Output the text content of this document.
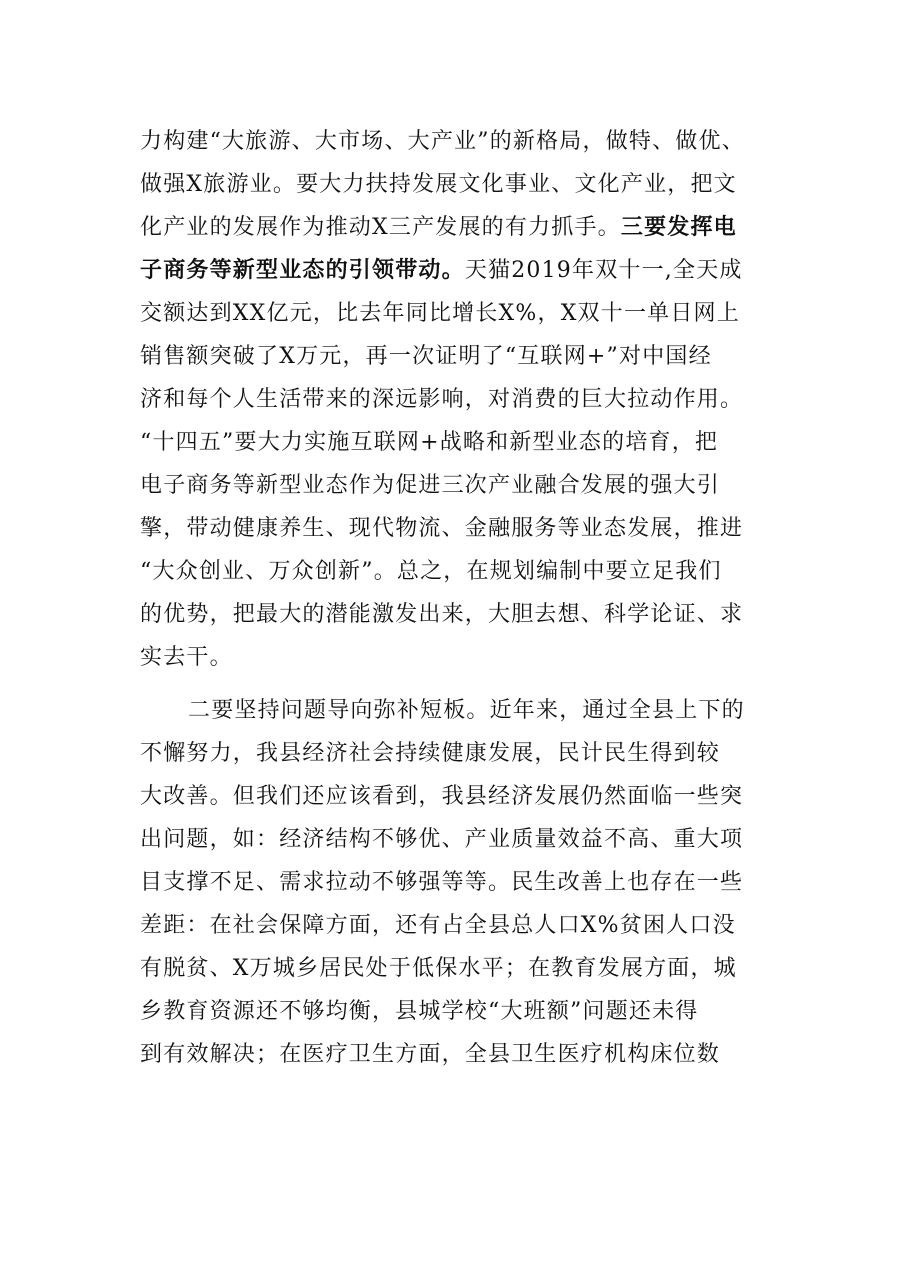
力构建“大旅游、大市场、大产业”的新格局，做特、做优、
做强X旅游业。要大力扶持发展文化事业、文化产业，把文
化产业的发展作为推动X三产发展的有力抓手。三要发挥电
子商务等新型业态的引领带动。天猫2019年双十一,全天成
交额达到XX亿元，比去年同比增长X%，X双十一单日网上
销售额突破了X万元，再一次证明了“互联网+”对中国经
济和每个人生活带来的深远影响，对消费的巨大拉动作用。
“十四五”要大力实施互联网+战略和新型业态的培育，把
电子商务等新型业态作为促进三次产业融合发展的强大引
擎，带动健康养生、现代物流、金融服务等业态发展，推进
“大众创业、万众创新”。总之，在规划编制中要立足我们
的优势，把最大的潜能激发出来，大胆去想、科学论证、求
实去干。
二要坚持问题导向弥补短板。近年来，通过全县上下的
不懈努力，我县经济社会持续健康发展，民计民生得到较
大改善。但我们还应该看到，我县经济发展仍然面临一些突
出问题，如：经济结构不够优、产业质量效益不高、重大项
目支撑不足、需求拉动不够强等等。民生改善上也存在一些
差距：在社会保障方面，还有占全县总人口X%贫困人口没
有脱贫、X万城乡居民处于低保水平；在教育发展方面，城
乡教育资源还不够均衡，县城学校“大班额”问题还未得
到有效解决；在医疗卫生方面，全县卫生医疗机构床位数
